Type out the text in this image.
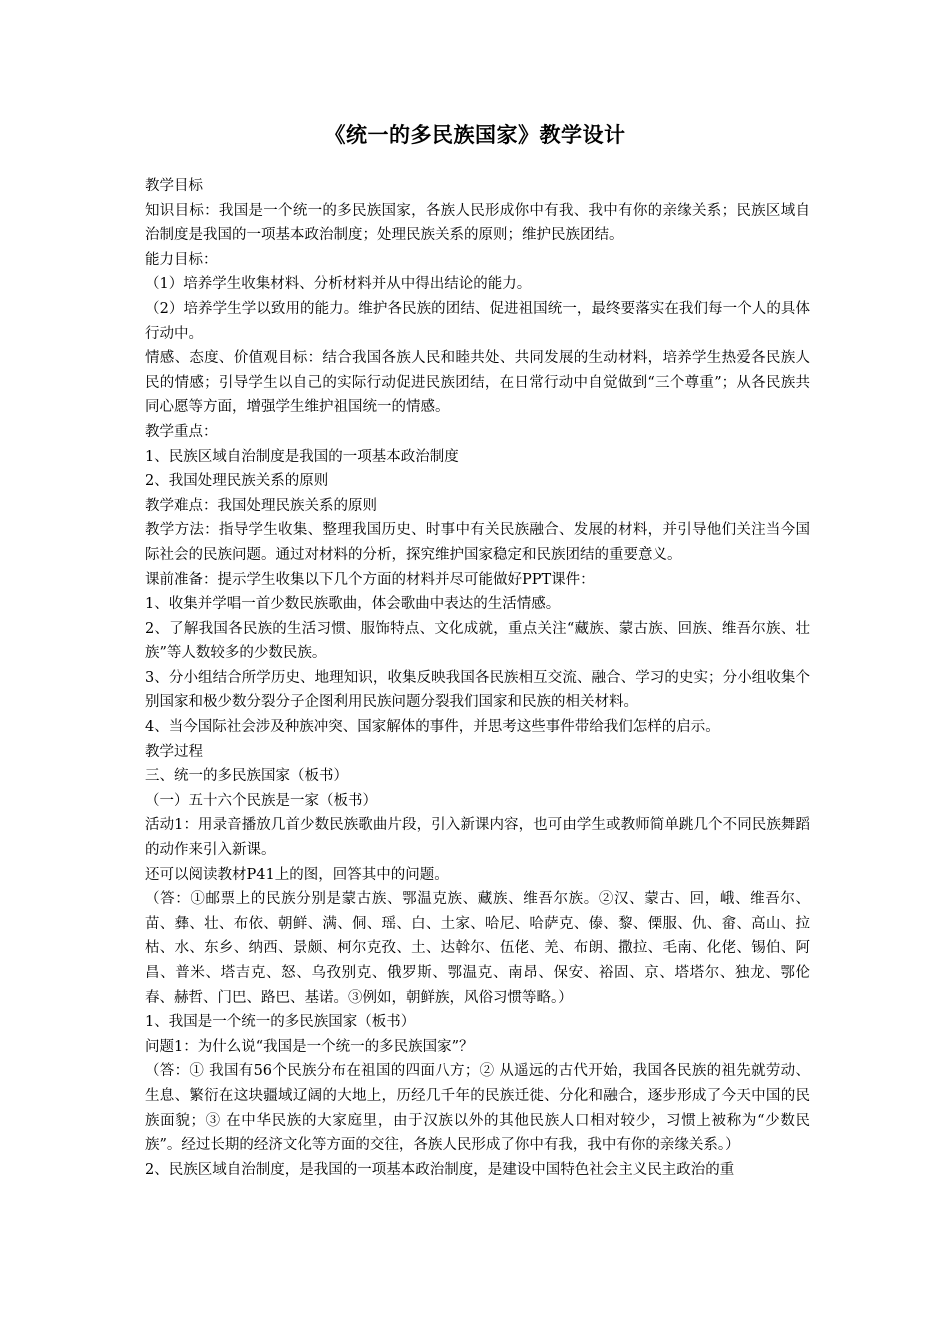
《统一的多民族国家》教学设计

教学目标

知识目标：我国是一个统一的多民族国家，各族人民形成你中有我、我中有你的亲缘关系；民族区域自治制度是我国的一项基本政治制度；处理民族关系的原则；维护民族团结。

能力目标：

（1）培养学生收集材料、分析材料并从中得出结论的能力。

（2）培养学生学以致用的能力。维护各民族的团结、促进祖国统一，最终要落实在我们每一个人的具体行动中。

情感、态度、价值观目标：结合我国各族人民和睦共处、共同发展的生动材料，培养学生热爱各民族人民的情感；引导学生以自己的实际行动促进民族团结，在日常行动中自觉做到“三个尊重”；从各民族共同心愿等方面，增强学生维护祖国统一的情感。

教学重点：

1、民族区域自治制度是我国的一项基本政治制度

2、我国处理民族关系的原则

教学难点：我国处理民族关系的原则

教学方法：指导学生收集、整理我国历史、时事中有关民族融合、发展的材料，并引导他们关注当今国际社会的民族问题。通过对材料的分析，探究维护国家稳定和民族团结的重要意义。

课前准备：提示学生收集以下几个方面的材料并尽可能做好PPT课件：

1、收集并学唱一首少数民族歌曲，体会歌曲中表达的生活情感。

2、了解我国各民族的生活习惯、服饰特点、文化成就，重点关注“藏族、蒙古族、回族、维吾尔族、壮族”等人数较多的少数民族。

3、分小组结合所学历史、地理知识，收集反映我国各民族相互交流、融合、学习的史实；分小组收集个别国家和极少数分裂分子企图利用民族问题分裂我们国家和民族的相关材料。

4、当今国际社会涉及种族冲突、国家解体的事件，并思考这些事件带给我们怎样的启示。

教学过程

三、统一的多民族国家（板书）

（一）五十六个民族是一家（板书）

活动1：用录音播放几首少数民族歌曲片段，引入新课内容，也可由学生或教师简单跳几个不同民族舞蹈的动作来引入新课。

还可以阅读教材P41上的图，回答其中的问题。

（答：①邮票上的民族分别是蒙古族、鄂温克族、藏族、维吾尔族。②汉、蒙古、回，峨、维吾尔、苗、彝、壮、布依、朝鲜、满、侗、瑶、白、土家、哈尼、哈萨克、傣、黎、傈服、仇、畲、高山、拉枯、水、东乡、纳西、景颇、柯尔克孜、土、达斡尔、伍佬、羌、布朗、撒拉、毛南、化佬、锡伯、阿昌、普米、塔吉克、怒、乌孜别克、俄罗斯、鄂温克、南昂、保安、裕固、京、塔塔尔、独龙、鄂伦春、赫哲、门巴、路巴、基诺。③例如，朝鲜族，风俗习惯等略。）

1、我国是一个统一的多民族国家（板书）

问题1：为什么说“我国是一个统一的多民族国家”？

（答：① 我国有56个民族分布在祖国的四面八方；② 从遥远的古代开始，我国各民族的祖先就劳动、生息、繁衍在这块疆域辽阔的大地上，历经几千年的民族迁徙、分化和融合，逐步形成了今天中国的民族面貌；③ 在中华民族的大家庭里，由于汉族以外的其他民族人口相对较少，习惯上被称为“少数民族”。经过长期的经济文化等方面的交往，各族人民形成了你中有我，我中有你的亲缘关系。）

2、民族区域自治制度，是我国的一项基本政治制度，是建设中国特色社会主义民主政治的重
